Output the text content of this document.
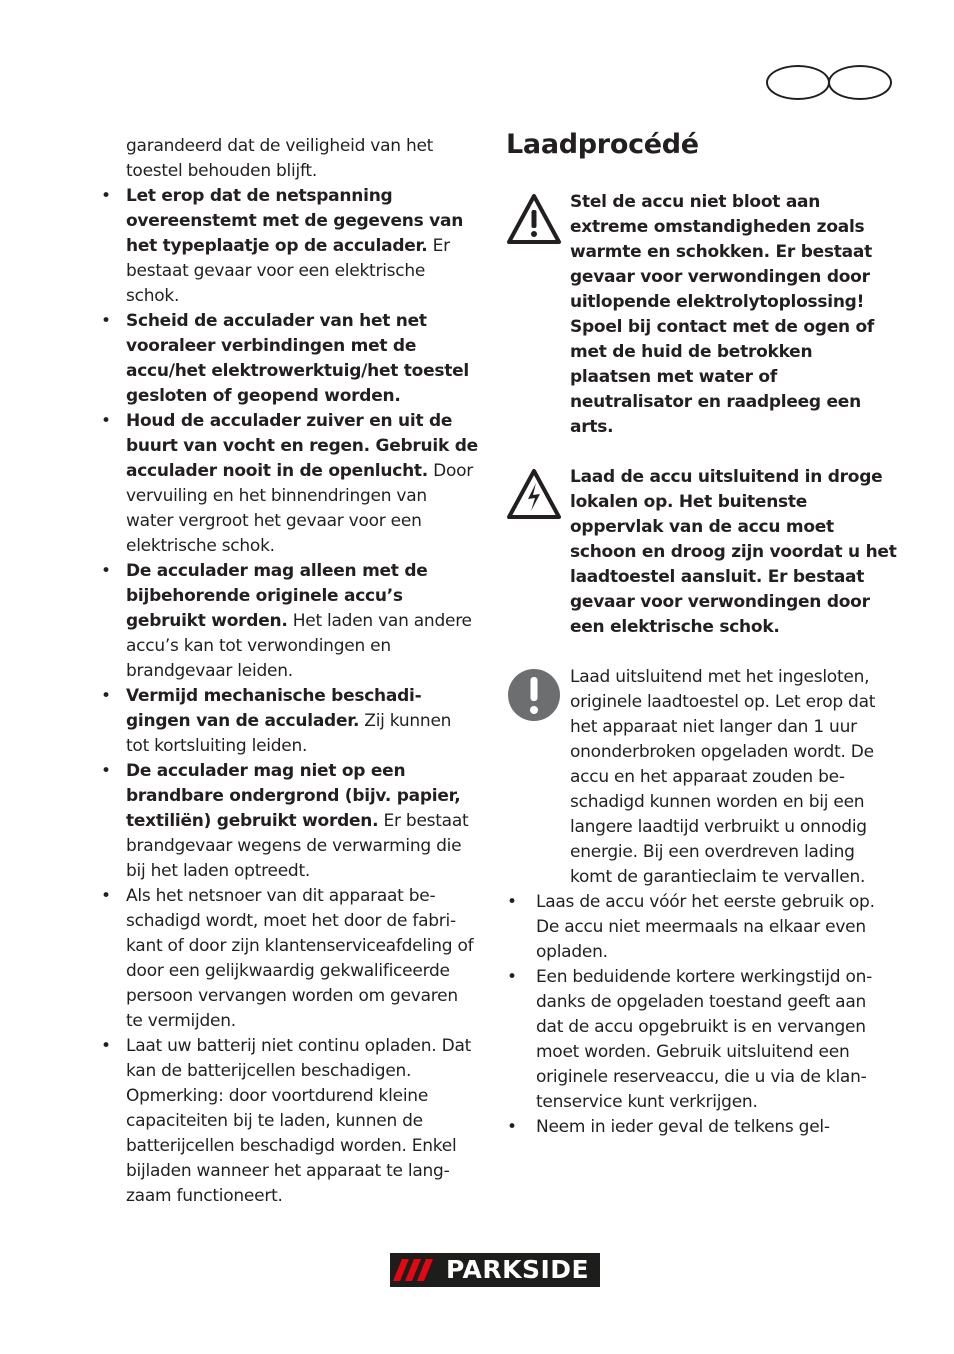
garandeerd dat de veiligheid van het toestel behouden blijft.

• Let erop dat de netspanning overeenstemt met de gegevens van het typeplaatje op de acculader. Er bestaat gevaar voor een elektrische schok.
• Scheid de acculader van het net vooraleer verbindingen met de accu/het elektrowerktuig/het toestel gesloten of geopend worden.
• Houd de acculader zuiver en uit de buurt van vocht en regen. Gebruik de acculader nooit in de openlucht. Door vervuiling en het binnendringen van water vergroot het gevaar voor een elektrische schok.
• De acculader mag alleen met de bijbehorende originele accu’s gebruikt worden. Het laden van andere accu’s kan tot verwondingen en brandgevaar leiden.
• Vermijd mechanische beschadigingen van de acculader. Zij kunnen tot kortsluiting leiden.
• De acculader mag niet op een brandbare ondergrond (bijv. papier, textiliën) gebruikt worden. Er bestaat brandgevaar wegens de verwarming die bij het laden optreedt.
• Als het netsnoer van dit apparaat beschadigd wordt, moet het door de fabrikant of door zijn klantenserviceafdeling of door een gelijkwaardig gekwalificeerde persoon vervangen worden om gevaren te vermijden.
• Laat uw batterij niet continu opladen. Dat kan de batterijcellen beschadigen. Opmerking: door voortdurend kleine capaciteiten bij te laden, kunnen de batterijcellen beschadigd worden. Enkel bijladen wanneer het apparaat te langzaam functioneert.
Laadprocédé
Stel de accu niet bloot aan extreme omstandigheden zoals warmte en schokken. Er bestaat gevaar voor verwondingen door uitlopende elektrolytoplossing! Spoel bij contact met de ogen of met de huid de betrokken plaatsen met water of neutralisator en raadpleeg een arts.
Laad de accu uitsluitend in droge lokalen op. Het buitenste oppervlak van de accu moet schoon en droog zijn voordat u het laadtoestel aansluit. Er bestaat gevaar voor verwondingen door een elektrische schok.
Laad uitsluitend met het ingesloten, originele laadtoestel op. Let erop dat het apparaat niet langer dan 1 uur ononderbroken opgeladen wordt. De accu en het apparaat zouden beschadigd kunnen worden en bij een langere laadtijd verbruikt u onnodig energie. Bij een overdreven lading komt de garantieclaim te vervallen.
• Laas de accu vóór het eerste gebruik op. De accu niet meermaals na elkaar even opladen.
• Een beduidende kortere werkingstijd ondanks de opgeladen toestand geeft aan dat de accu opgebruikt is en vervangen moet worden. Gebruik uitsluitend een originele reserveaccu, die u via de klantenservice kunt verkrijgen.
• Neem in ieder geval de telkens gel-
PARKSIDE
